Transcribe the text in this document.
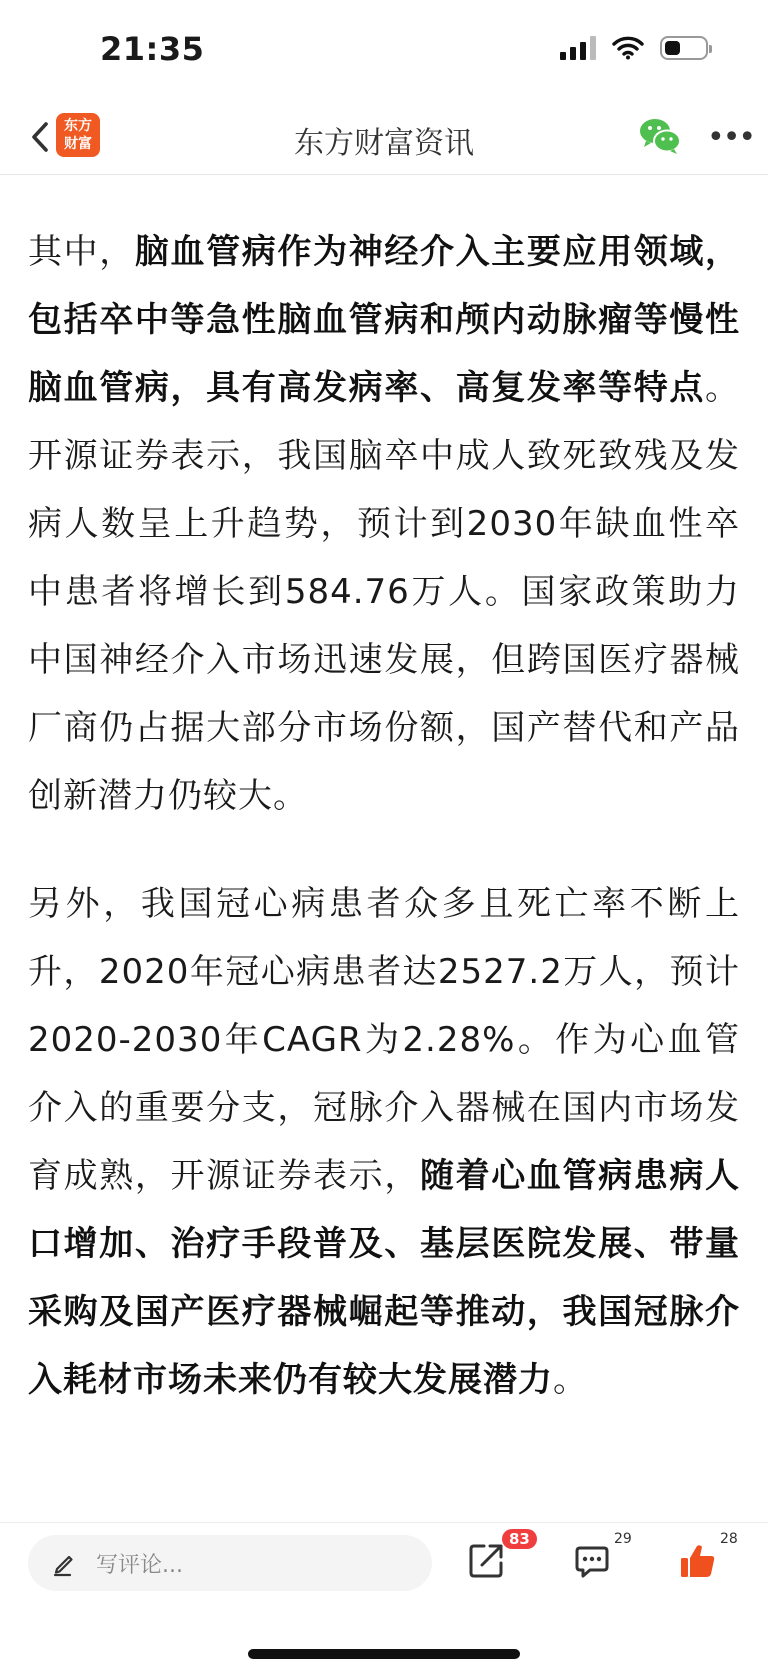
21:35
东方
财富	东方财富资讯	•••

其中，脑血管病作为神经介入主要应用领域，包括卒中等急性脑血管病和颅内动脉瘤等慢性脑血管病，具有高发病率、高复发率等特点。开源证券表示，我国脑卒中成人致死致残及发病人数呈上升趋势，预计到2030年缺血性卒中患者将增长到584.76万人。国家政策助力中国神经介入市场迅速发展，但跨国医疗器械厂商仍占据大部分市场份额，国产替代和产品创新潜力仍较大。

另外，我国冠心病患者众多且死亡率不断上升，2020年冠心病患者达2527.2万人，预计2020-2030年CAGR为2.28%。作为心血管介入的重要分支，冠脉介入器械在国内市场发育成熟，开源证券表示，随着心血管病患病人口增加、治疗手段普及、基层医院发展、带量采购及国产医疗器械崛起等推动，我国冠脉介入耗材市场未来仍有较大发展潜力。

写评论...
83	29	28
